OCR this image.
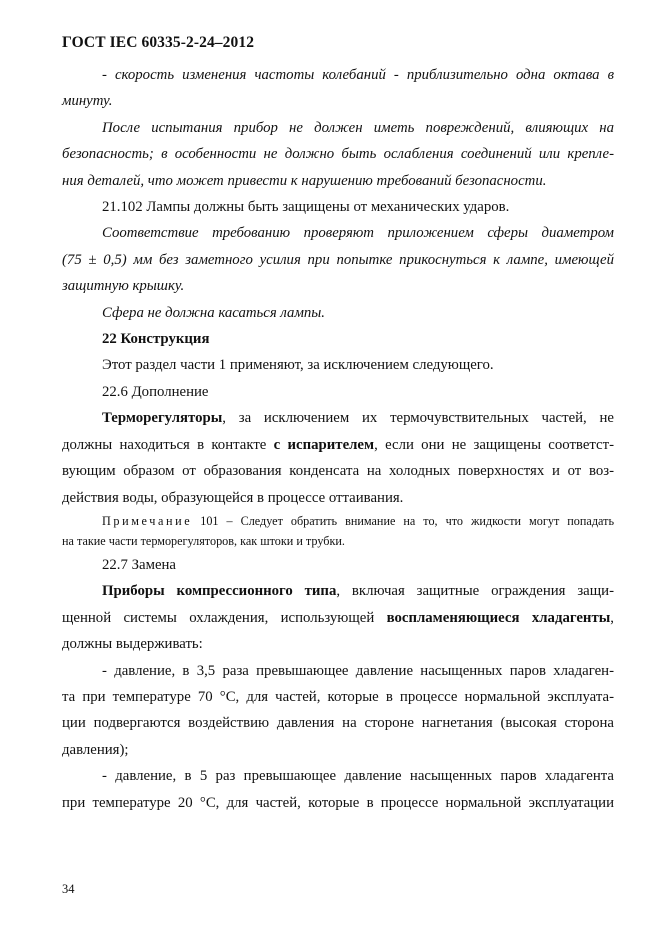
ГОСТ IEC 60335-2-24–2012

- скорость изменения частоты колебаний - приблизительно одна октава в
минуту.

После испытания прибор не должен иметь повреждений, влияющих на
безопасность; в особенности не должно быть ослабления соединений или крепле-
ния деталей, что может привести к нарушению требований безопасности.

21.102 Лампы должны быть защищены от механических ударов.

Соответствие требованию проверяют приложением сферы диаметром
(75 ± 0,5) мм без заметного усилия при попытке прикоснуться к лампе, имеющей
защитную крышку.

Сфера не должна касаться лампы.

22 Конструкция

Этот раздел части 1 применяют, за исключением следующего.

22.6 Дополнение

Терморегуляторы, за исключением их термочувствительных частей, не
должны находиться в контакте с испарителем, если они не защищены соответст-
вующим образом от образования конденсата на холодных поверхностях и от воз-
действия воды, образующейся в процессе оттаивания.

Примечание 101 – Следует обратить внимание на то, что жидкости могут попадать
на такие части терморегуляторов, как штоки и трубки.

22.7 Замена

Приборы компрессионного типа, включая защитные ограждения защи-
щенной системы охлаждения, использующей воспламеняющиеся хладагенты,
должны выдерживать:

- давление, в 3,5 раза превышающее давление насыщенных паров хладаген-
та при температуре 70 °С, для частей, которые в процессе нормальной эксплуата-
ции подвергаются воздействию давления на стороне нагнетания (высокая сторона
давления);

- давление, в 5 раз превышающее давление насыщенных паров хладагента
при температуре 20 °С, для частей, которые в процессе нормальной эксплуатации

34
